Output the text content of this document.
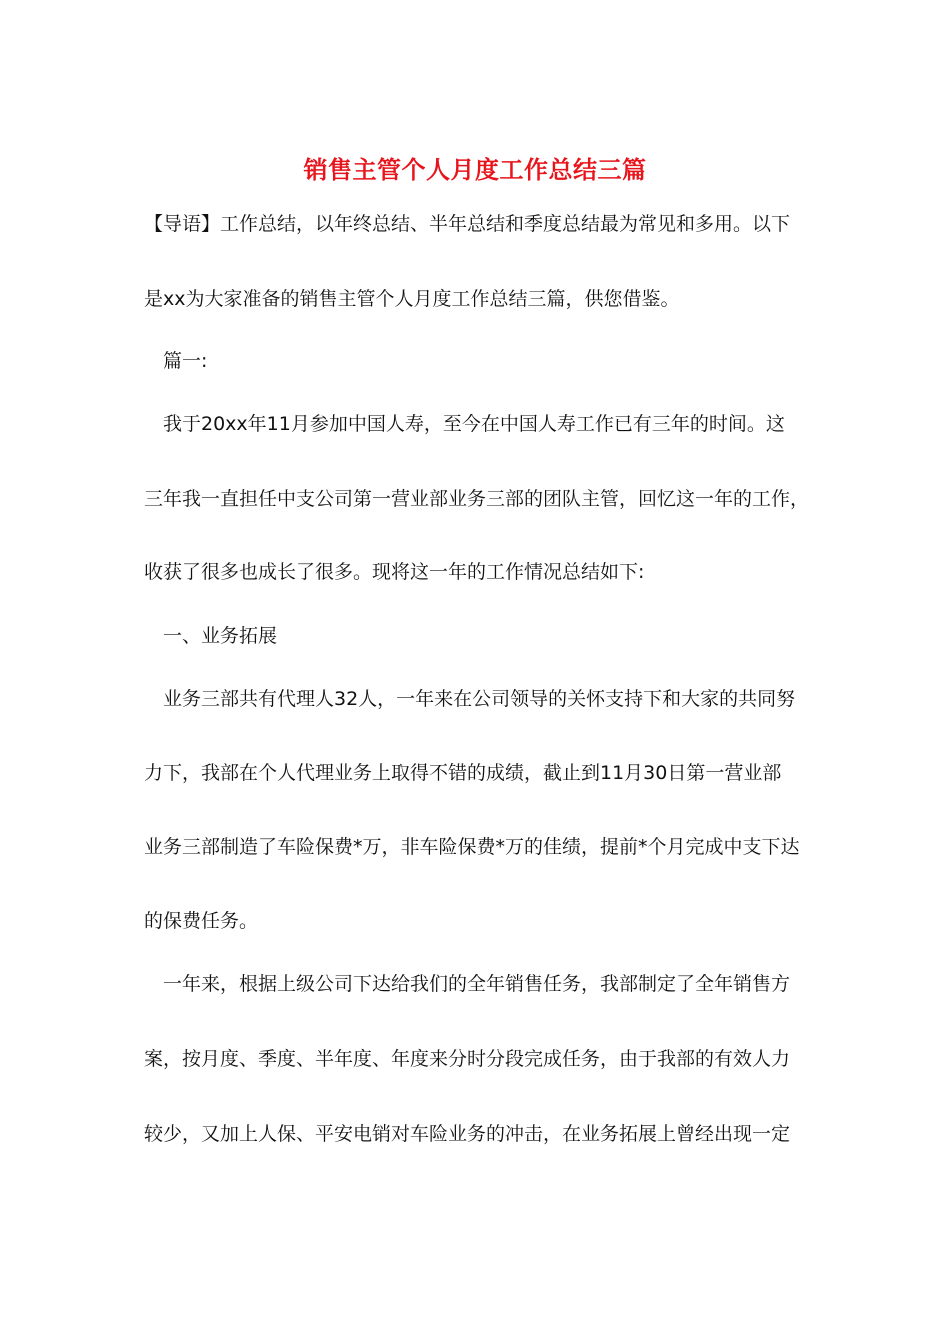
销售主管个人月度工作总结三篇
【导语】工作总结，以年终总结、半年总结和季度总结最为常见和多用。以下
是xx为大家准备的销售主管个人月度工作总结三篇，供您借鉴。
篇一:
我于20xx年11月参加中国人寿，至今在中国人寿工作已有三年的时间。这
三年我一直担任中支公司第一营业部业务三部的团队主管，回忆这一年的工作，
收获了很多也成长了很多。现将这一年的工作情况总结如下:
一、业务拓展
业务三部共有代理人32人，一年来在公司领导的关怀支持下和大家的共同努
力下，我部在个人代理业务上取得不错的成绩，截止到11月30日第一营业部
业务三部制造了车险保费*万，非车险保费*万的佳绩，提前*个月完成中支下达
的保费任务。
一年来，根据上级公司下达给我们的全年销售任务，我部制定了全年销售方
案，按月度、季度、半年度、年度来分时分段完成任务，由于我部的有效人力
较少，又加上人保、平安电销对车险业务的冲击，在业务拓展上曾经出现一定
